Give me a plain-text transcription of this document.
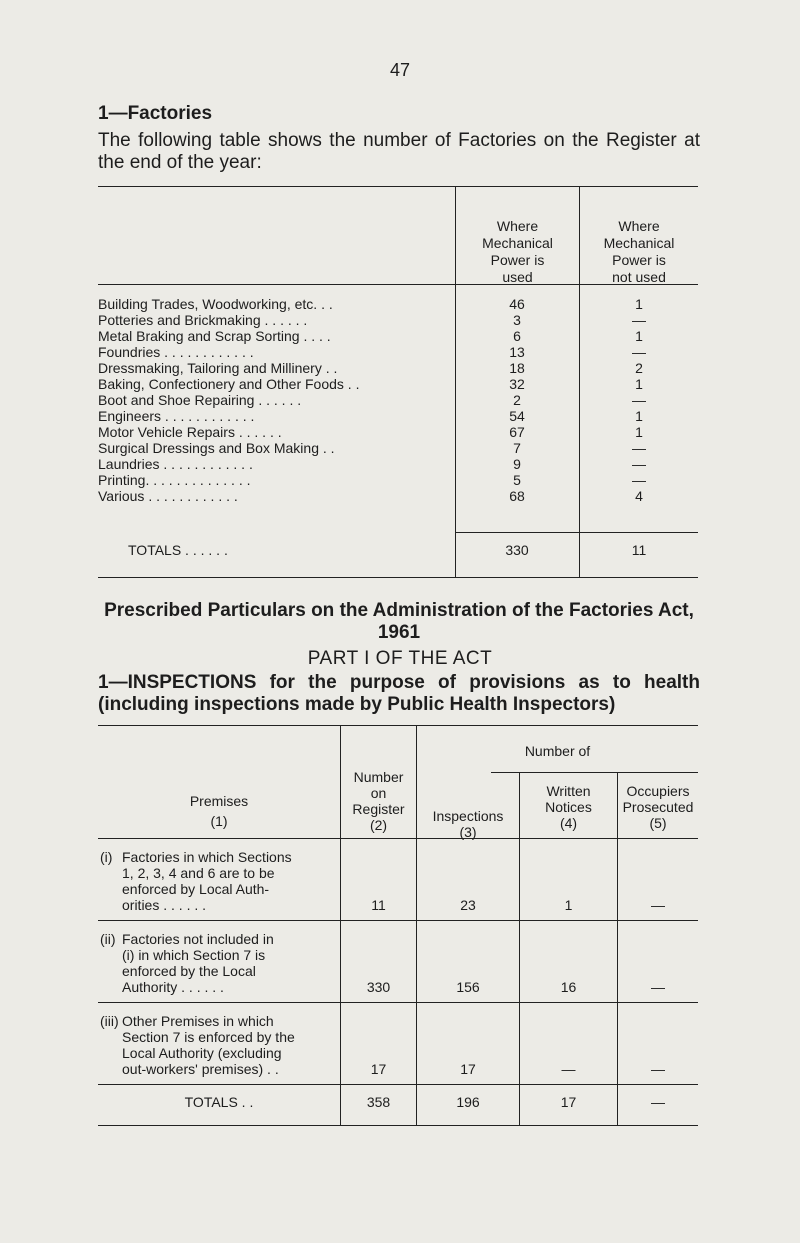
47
1—Factories
The following table shows the number of Factories on the Register at the end of the year:
Where
Mechanical
Power is
used
Where
Mechanical
Power is
not used
Building Trades, Woodworking, etc. . .	46	1
Potteries and Brickmaking . . . . . .	3	—
Metal Braking and Scrap Sorting . . . .	6	1
Foundries . . . . . . . . . . . .	13	—
Dressmaking, Tailoring and Millinery . .	18	2
Baking, Confectionery and Other Foods . .	32	1
Boot and Shoe Repairing . . . . . .	2	—
Engineers . . . . . . . . . . . .	54	1
Motor Vehicle Repairs . . . . . .	67	1
Surgical Dressings and Box Making . .	7	—
Laundries . . . . . . . . . . . .	9	—
Printing. . . . . . . . . . . . . .	5	—
Various . . . . . . . . . . . .	68	4
TOTALS . . . . . .	330	11
Prescribed Particulars on the Administration of the Factories Act, 1961
PART I OF THE ACT
1—INSPECTIONS for the purpose of provisions as to health (including inspections made by Public Health Inspectors)
Premises
(1)
Number
on
Register
(2)
Number of
Inspections
(3)
Written
Notices
(4)
Occupiers
Prosecuted
(5)
(i) Factories in which Sections
1, 2, 3, 4 and 6 are to be
enforced by Local Auth-
orities . . . . . .	11	23	1	—
(ii) Factories not included in
(i) in which Section 7 is
enforced by the Local
Authority . . . . . .	330	156	16	—
(iii) Other Premises in which
Section 7 is enforced by the
Local Authority (excluding
out-workers' premises) . .	17	17	—	—
TOTALS . .	358	196	17	—
